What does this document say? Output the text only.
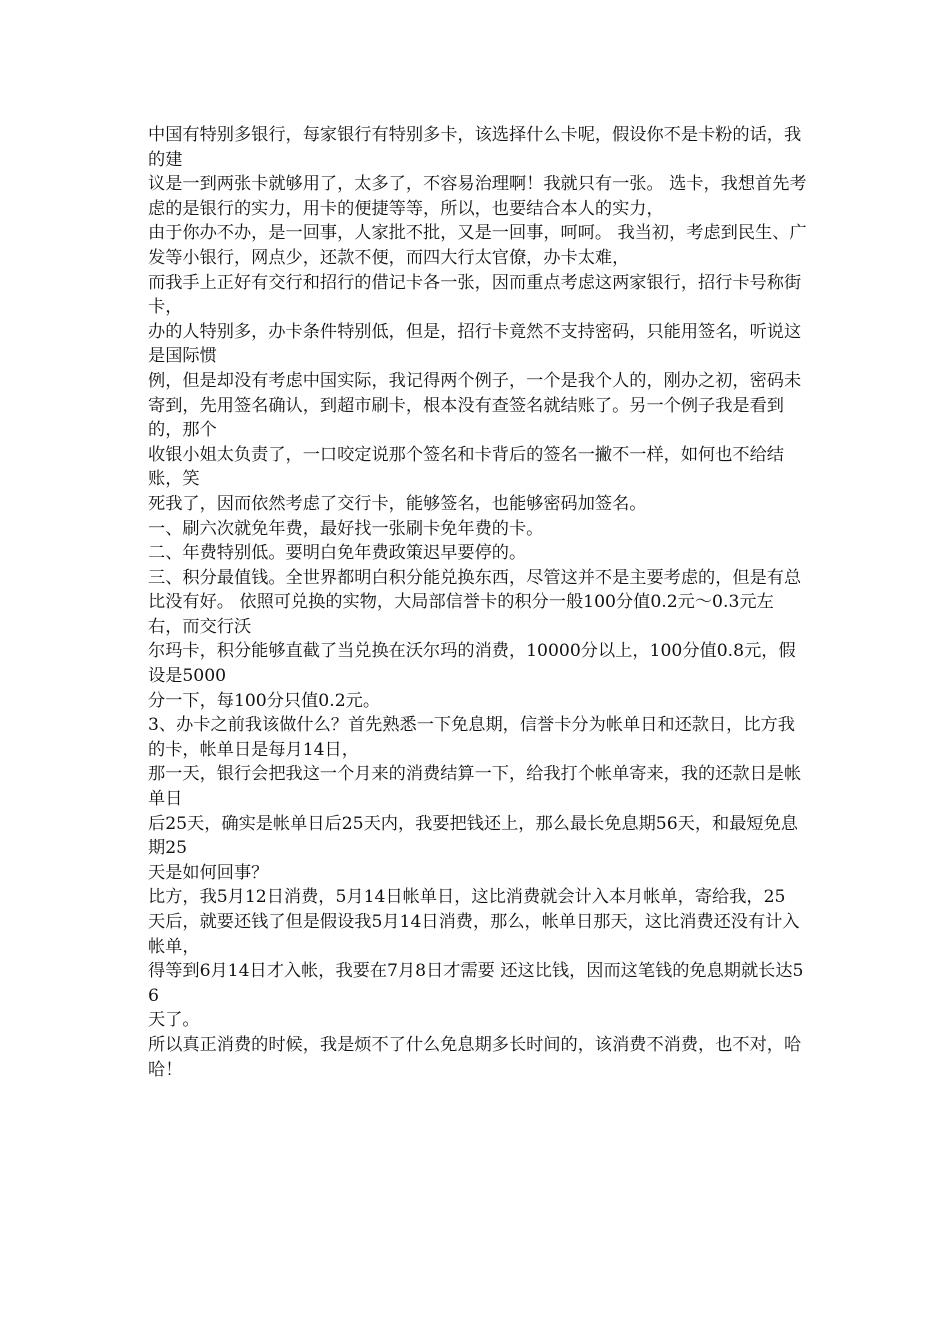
中国有特别多银行，每家银行有特别多卡，该选择什么卡呢，假设你不是卡粉的话，我的建

议是一到两张卡就够用了，太多了，不容易治理啊！我就只有一张。 选卡，我想首先考虑的是银行的实力，用卡的便捷等等，所以，也要结合本人的实力，

由于你办不办，是一回事，人家批不批，又是一回事，呵呵。 我当初，考虑到民生、广发等小银行，网点少，还款不便，而四大行太官僚，办卡太难，

而我手上正好有交行和招行的借记卡各一张，因而重点考虑这两家银行，招行卡号称街卡，

办的人特别多，办卡条件特别低，但是，招行卡竟然不支持密码，只能用签名，听说这是国际惯

例，但是却没有考虑中国实际，我记得两个例子，一个是我个人的，刚办之初，密码未寄到，先用签名确认，到超市刷卡，根本没有查签名就结账了。另一个例子我是看到的，那个

收银小姐太负责了，一口咬定说那个签名和卡背后的签名一撇不一样，如何也不给结账，笑

死我了，因而依然考虑了交行卡，能够签名，也能够密码加签名。

一、刷六次就免年费，最好找一张刷卡免年费的卡。

二、年费特别低。要明白免年费政策迟早要停的。

三、积分最值钱。全世界都明白积分能兑换东西，尽管这并不是主要考虑的，但是有总

比没有好。 依照可兑换的实物，大局部信誉卡的积分一般100分值0.2元～0.3元左右，而交行沃

尔玛卡，积分能够直截了当兑换在沃尔玛的消费，10000分以上，100分值0.8元，假设是5000

分一下，每100分只值0.2元。

3、办卡之前我该做什么？首先熟悉一下免息期，信誉卡分为帐单日和还款日，比方我的卡，帐单日是每月14日，

那一天，银行会把我这一个月来的消费结算一下，给我打个帐单寄来，我的还款日是帐单日

后25天，确实是帐单日后25天内，我要把钱还上，那么最长免息期56天，和最短免息期25

天是如何回事？

比方，我5月12日消费，5月14日帐单日，这比消费就会计入本月帐单，寄给我，25

天后，就要还钱了但是假设我5月14日消费，那么，帐单日那天，这比消费还没有计入帐单，

得等到6月14日才入帐，我要在7月8日才需要 还这比钱，因而这笔钱的免息期就长达56

天了。

所以真正消费的时候，我是烦不了什么免息期多长时间的，该消费不消费，也不对，哈

哈！
